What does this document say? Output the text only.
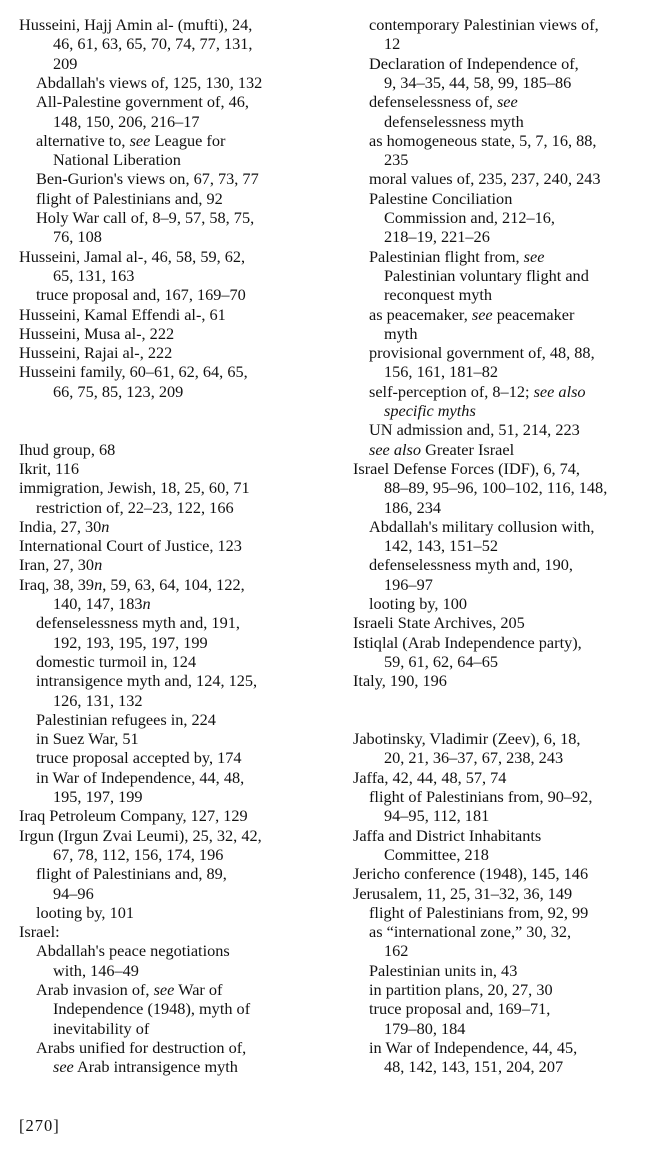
Husseini, Hajj Amin al- (mufti), 24,
46, 61, 63, 65, 70, 74, 77, 131,
209
Abdallah's views of, 125, 130, 132
All-Palestine government of, 46,
148, 150, 206, 216–17
alternative to, see League for
National Liberation
Ben-Gurion's views on, 67, 73, 77
flight of Palestinians and, 92
Holy War call of, 8–9, 57, 58, 75,
76, 108
Husseini, Jamal al-, 46, 58, 59, 62,
65, 131, 163
truce proposal and, 167, 169–70
Husseini, Kamal Effendi al-, 61
Husseini, Musa al-, 222
Husseini, Rajai al-, 222
Husseini family, 60–61, 62, 64, 65,
66, 75, 85, 123, 209
Ihud group, 68
Ikrit, 116
immigration, Jewish, 18, 25, 60, 71
restriction of, 22–23, 122, 166
India, 27, 30n
International Court of Justice, 123
Iran, 27, 30n
Iraq, 38, 39n, 59, 63, 64, 104, 122,
140, 147, 183n
defenselessness myth and, 191,
192, 193, 195, 197, 199
domestic turmoil in, 124
intransigence myth and, 124, 125,
126, 131, 132
Palestinian refugees in, 224
in Suez War, 51
truce proposal accepted by, 174
in War of Independence, 44, 48,
195, 197, 199
Iraq Petroleum Company, 127, 129
Irgun (Irgun Zvai Leumi), 25, 32, 42,
67, 78, 112, 156, 174, 196
flight of Palestinians and, 89,
94–96
looting by, 101
Israel:
Abdallah's peace negotiations
with, 146–49
Arab invasion of, see War of
Independence (1948), myth of
inevitability of
Arabs unified for destruction of,
see Arab intransigence myth
contemporary Palestinian views of,
12
Declaration of Independence of,
9, 34–35, 44, 58, 99, 185–86
defenselessness of, see
defenselessness myth
as homogeneous state, 5, 7, 16, 88,
235
moral values of, 235, 237, 240, 243
Palestine Conciliation
Commission and, 212–16,
218–19, 221–26
Palestinian flight from, see
Palestinian voluntary flight and
reconquest myth
as peacemaker, see peacemaker
myth
provisional government of, 48, 88,
156, 161, 181–82
self-perception of, 8–12; see also
specific myths
UN admission and, 51, 214, 223
see also Greater Israel
Israel Defense Forces (IDF), 6, 74,
88–89, 95–96, 100–102, 116, 148,
186, 234
Abdallah's military collusion with,
142, 143, 151–52
defenselessness myth and, 190,
196–97
looting by, 100
Israeli State Archives, 205
Istiqlal (Arab Independence party),
59, 61, 62, 64–65
Italy, 190, 196
Jabotinsky, Vladimir (Zeev), 6, 18,
20, 21, 36–37, 67, 238, 243
Jaffa, 42, 44, 48, 57, 74
flight of Palestinians from, 90–92,
94–95, 112, 181
Jaffa and District Inhabitants
Committee, 218
Jericho conference (1948), 145, 146
Jerusalem, 11, 25, 31–32, 36, 149
flight of Palestinians from, 92, 99
as “international zone,” 30, 32,
162
Palestinian units in, 43
in partition plans, 20, 27, 30
truce proposal and, 169–71,
179–80, 184
in War of Independence, 44, 45,
48, 142, 143, 151, 204, 207
[270]
